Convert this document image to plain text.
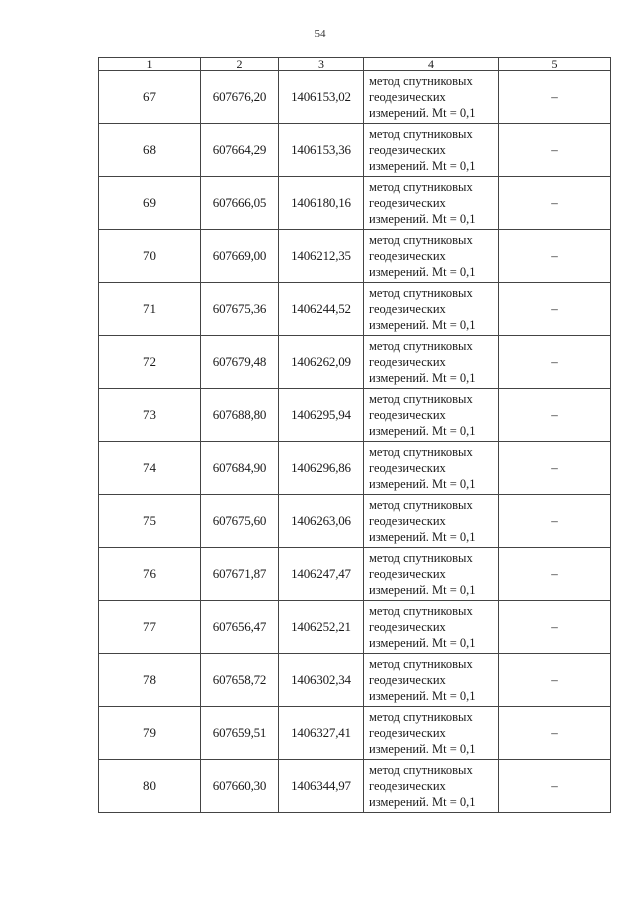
54
1	2	3	4	5
67	607676,20	1406153,02	метод спутниковых
геодезических
измерений. Mt = 0,1	–
68	607664,29	1406153,36	метод спутниковых
геодезических
измерений. Mt = 0,1	–
69	607666,05	1406180,16	метод спутниковых
геодезических
измерений. Mt = 0,1	–
70	607669,00	1406212,35	метод спутниковых
геодезических
измерений. Mt = 0,1	–
71	607675,36	1406244,52	метод спутниковых
геодезических
измерений. Mt = 0,1	–
72	607679,48	1406262,09	метод спутниковых
геодезических
измерений. Mt = 0,1	–
73	607688,80	1406295,94	метод спутниковых
геодезических
измерений. Mt = 0,1	–
74	607684,90	1406296,86	метод спутниковых
геодезических
измерений. Mt = 0,1	–
75	607675,60	1406263,06	метод спутниковых
геодезических
измерений. Mt = 0,1	–
76	607671,87	1406247,47	метод спутниковых
геодезических
измерений. Mt = 0,1	–
77	607656,47	1406252,21	метод спутниковых
геодезических
измерений. Mt = 0,1	–
78	607658,72	1406302,34	метод спутниковых
геодезических
измерений. Mt = 0,1	–
79	607659,51	1406327,41	метод спутниковых
геодезических
измерений. Mt = 0,1	–
80	607660,30	1406344,97	метод спутниковых
геодезических
измерений. Mt = 0,1	–
